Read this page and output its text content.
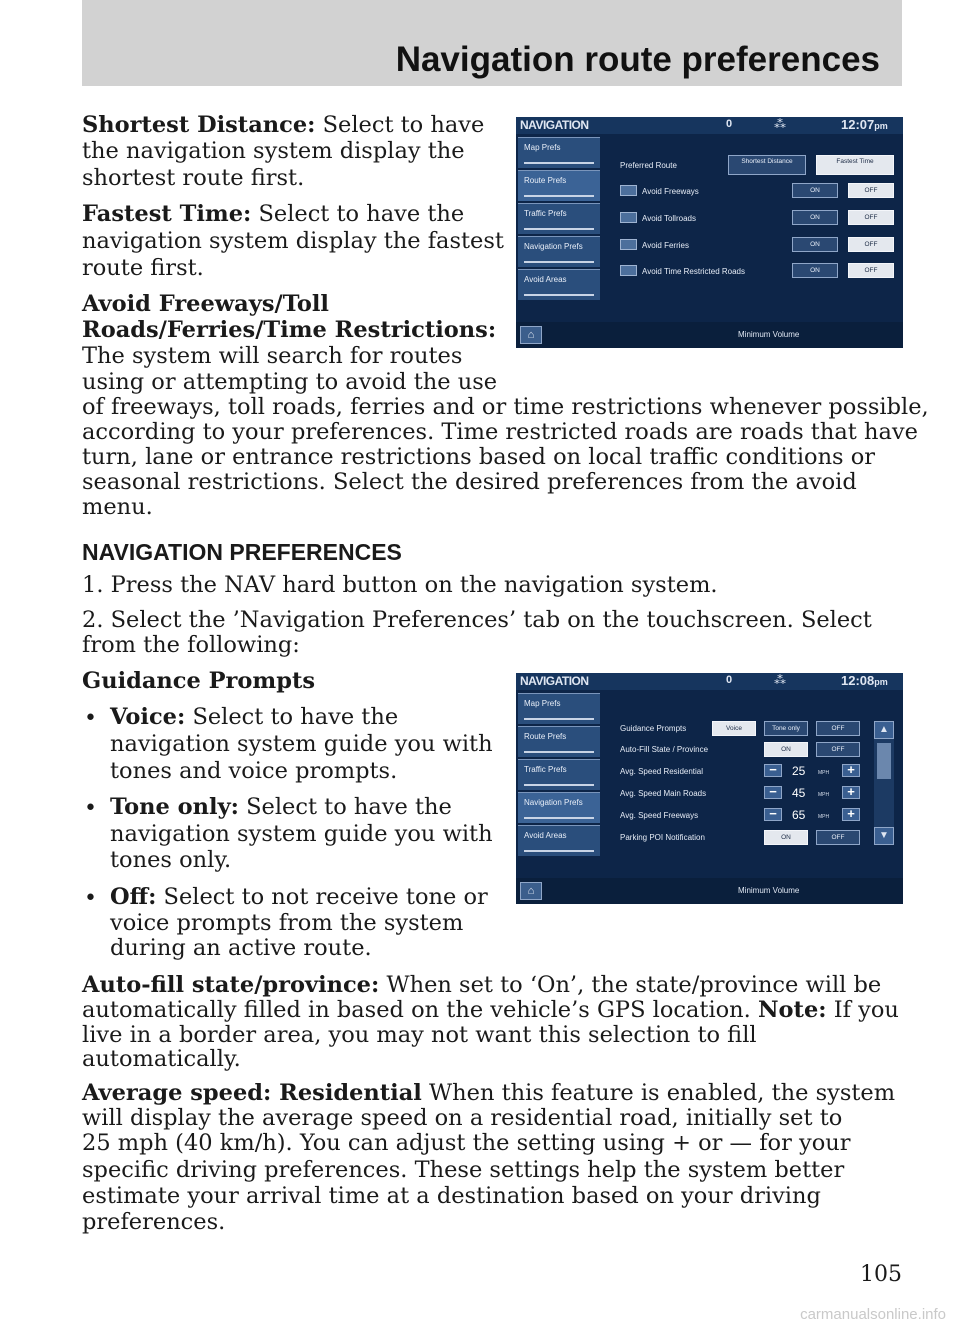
Navigation route preferences
Shortest Distance: Select to have
the navigation system display the
shortest route first.
Fastest Time: Select to have the
navigation system display the fastest
route first.
Avoid Freeways/Toll
Roads/Ferries/Time Restrictions:
The system will search for routes
using or attempting to avoid the use
of freeways, toll roads, ferries and or time restrictions whenever possible,
according to your preferences. Time restricted roads are roads that have
turn, lane or entrance restrictions based on local traffic conditions or
seasonal restrictions. Select the desired preferences from the avoid
menu.
NAVIGATION	0	⁂	12:07pm
Map Prefs
Route Prefs
Traffic Prefs
Navigation Prefs
Avoid Areas
Preferred Route	Shortest Distance	Fastest Time
Avoid Freeways	ON	OFF
Avoid Tollroads	ON	OFF
Avoid Ferries	ON	OFF
Avoid Time Restricted Roads	ON	OFF
⌂	Minimum Volume
NAVIGATION PREFERENCES
1. Press the NAV hard button on the navigation system.
2. Select the ’Navigation Preferences’ tab on the touchscreen. Select
from the following:
Guidance Prompts
• Voice: Select to have the
navigation system guide you with
tones and voice prompts.
• Tone only: Select to have the
navigation system guide you with
tones only.
• Off: Select to not receive tone or
voice prompts from the system
during an active route.
NAVIGATION	0	⁂	12:08pm
Map Prefs
Route Prefs
Traffic Prefs
Navigation Prefs
Avoid Areas
Guidance Prompts	Voice	Tone only	OFF
Auto-Fill State / Province	ON	OFF
Avg. Speed Residential	−	25	MPH	+
Avg. Speed Main Roads	−	45	MPH	+
Avg. Speed Freeways	−	65	MPH	+
Parking POI Notification	ON	OFF
▲
▼
⌂	Minimum Volume
Auto-fill state/province: When set to ‘On’, the state/province will be
automatically filled in based on the vehicle’s GPS location. Note: If you
live in a border area, you may not want this selection to fill
automatically.
Average speed: Residential When this feature is enabled, the system
will display the average speed on a residential road, initially set to
25 mph (40 km/h). You can adjust the setting using + or — for your
specific driving preferences. These settings help the system better
estimate your arrival time at a destination based on your driving
preferences.
105
carmanualsonline.info
